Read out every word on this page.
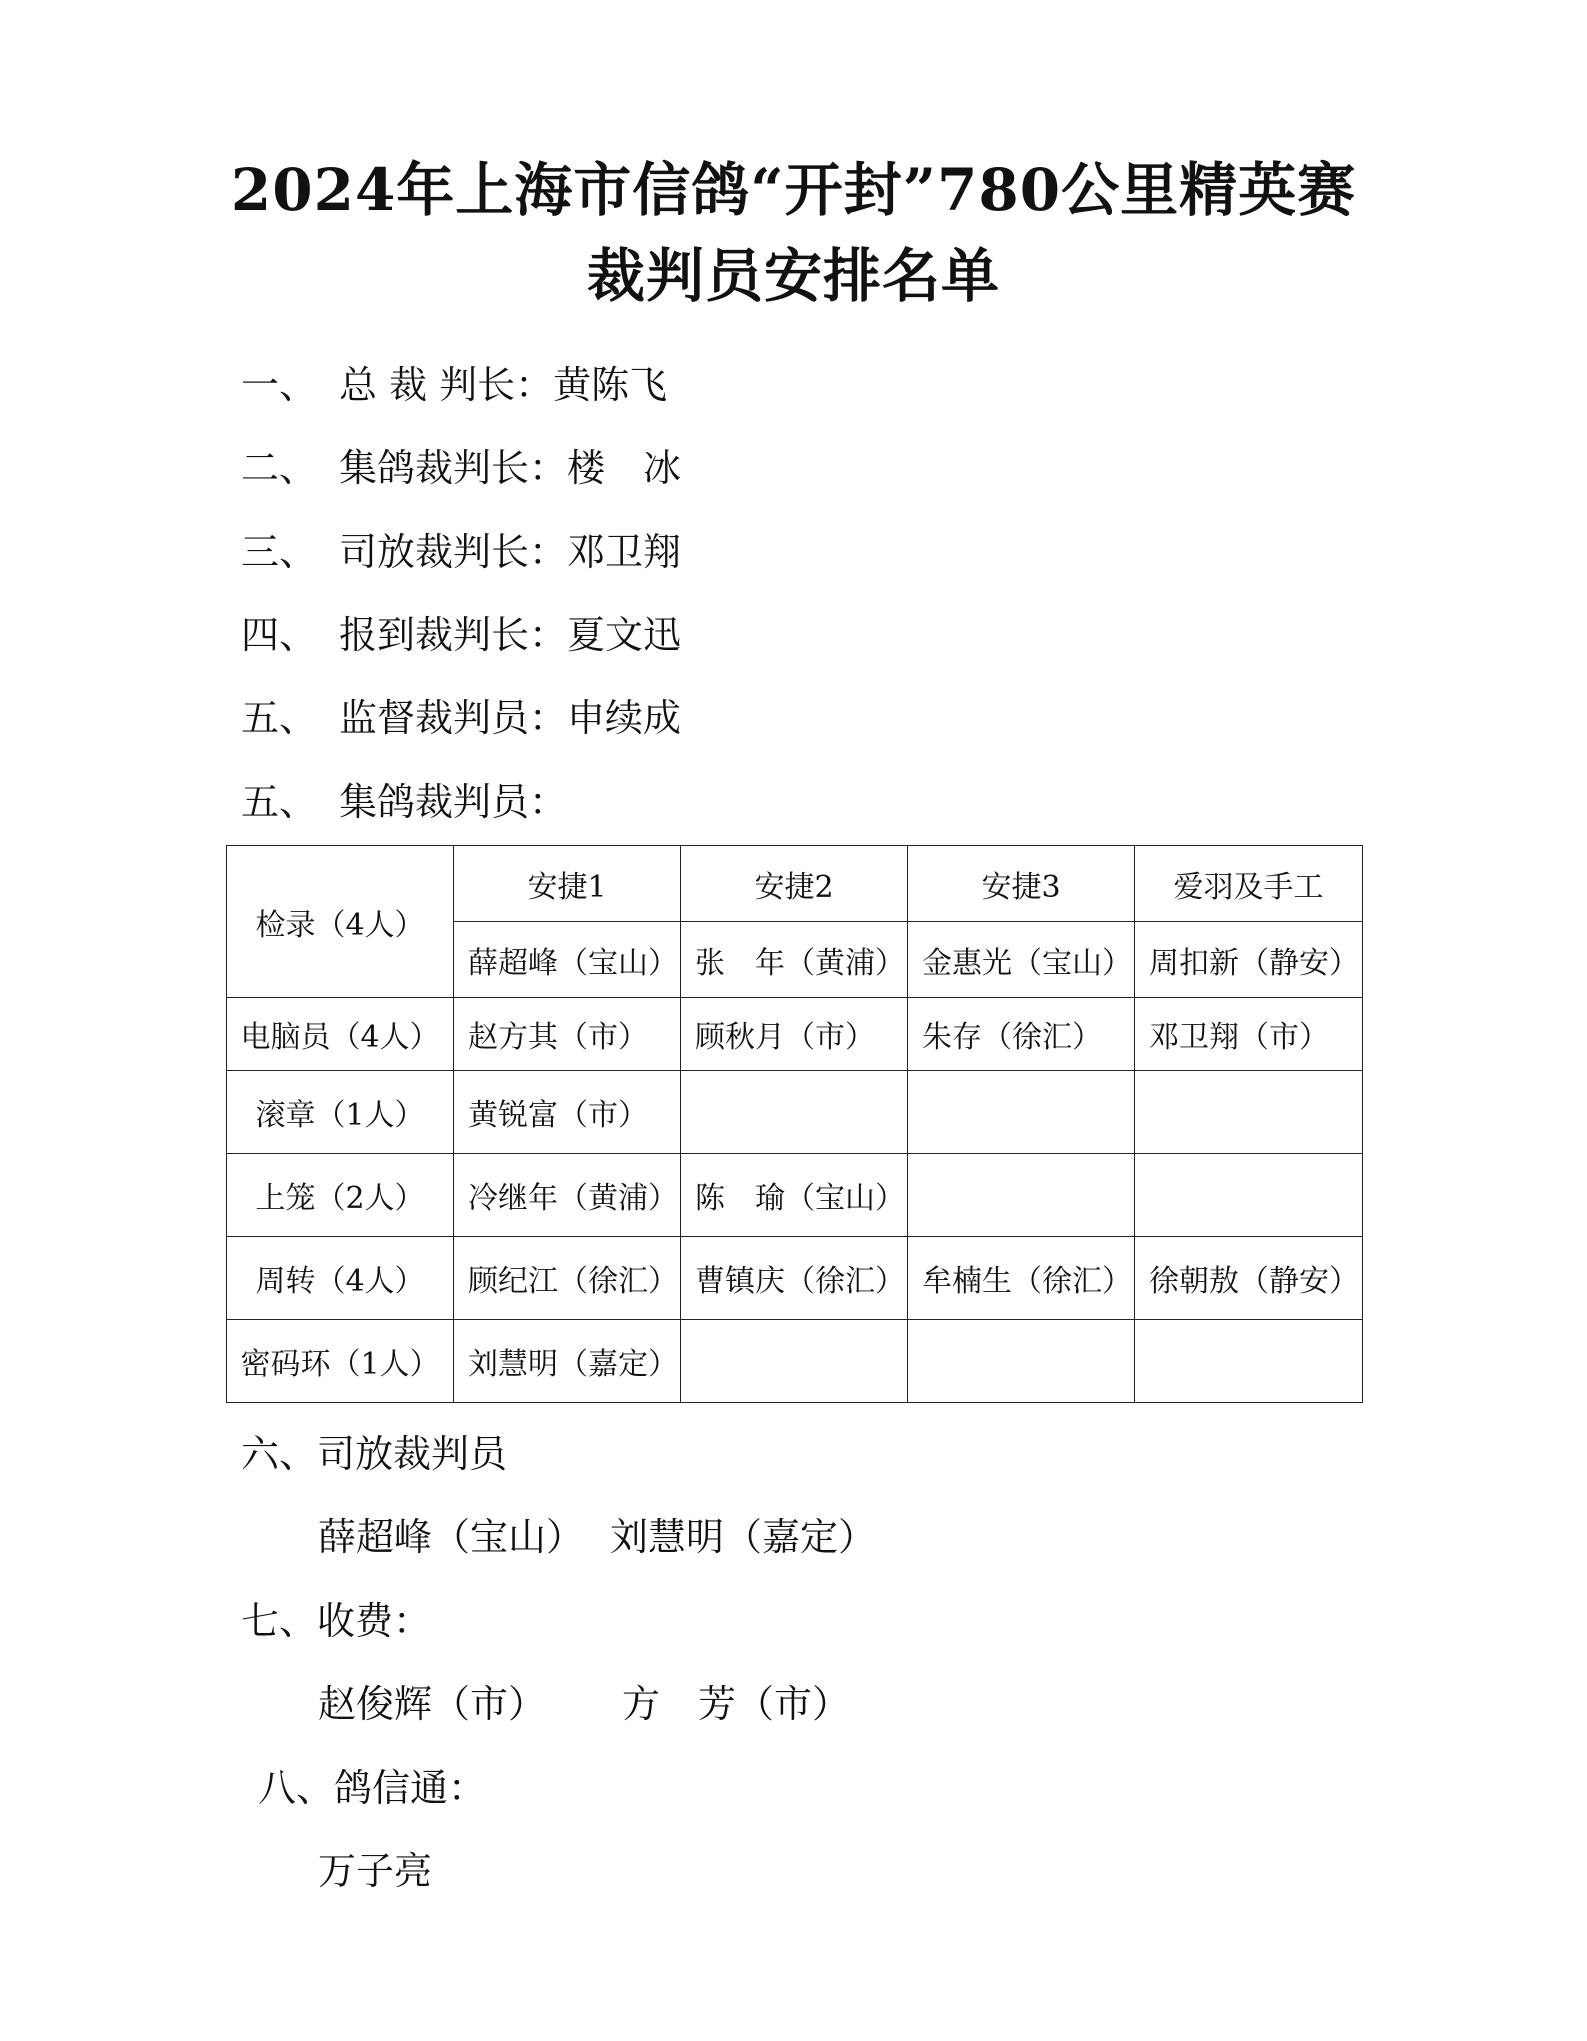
2024年上海市信鸽“开封”780公里精英赛
裁判员安排名单
一、 总 裁 判长：黄陈飞
二、 集鸽裁判长：楼　冰
三、 司放裁判长：邓卫翔
四、 报到裁判长：夏文迅
五、 监督裁判员：申续成
五、 集鸽裁判员：
检录（4人）	安捷1	安捷2	安捷3	爱羽及手工
	薛超峰（宝山）	张　年（黄浦）	金惠光（宝山）	周扣新（静安）
电脑员（4人）	赵方其（市）	顾秋月（市）	朱存（徐汇）	邓卫翔（市）
滚章（1人）	黄锐富（市）			
上笼（2人）	冷继年（黄浦）	陈　瑜（宝山）		
周转（4人）	顾纪江（徐汇）	曹镇庆（徐汇）	牟楠生（徐汇）	徐朝敖（静安）
密码环（1人）	刘慧明（嘉定）			
六、司放裁判员
薛超峰（宝山） 刘慧明（嘉定）
七、收费：
赵俊辉（市） 方　芳（市）
八、鸽信通：
万子亮
